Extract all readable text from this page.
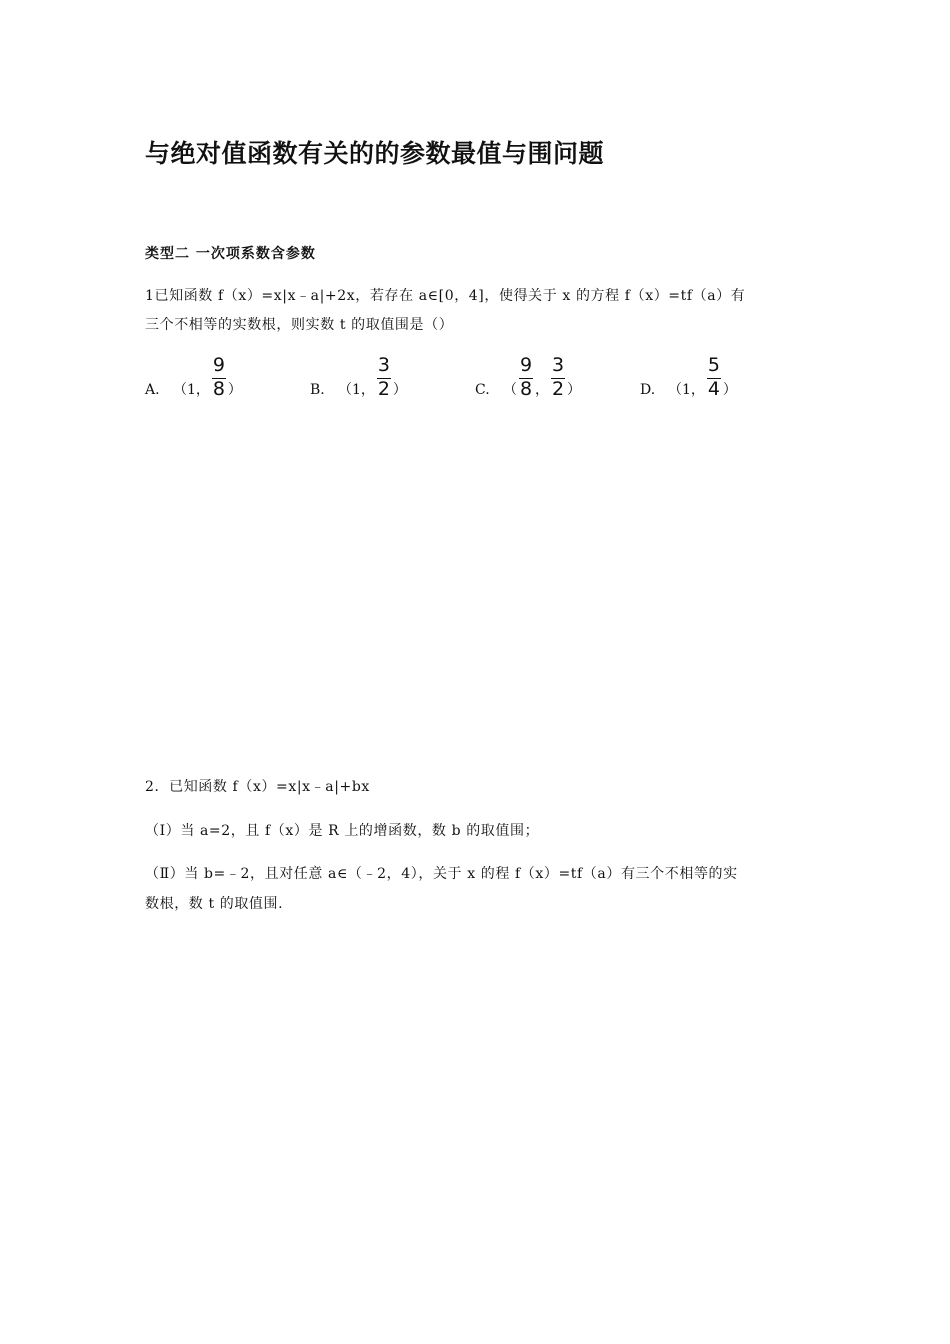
与绝对值函数有关的的参数最值与围问题
类型二 一次项系数含参数
1已知函数 f（x）=x|x﹣a|+2x，若存在 a∈[0，4]，使得关于 x 的方程 f（x）=tf（a）有
三个不相等的实数根，则实数 t 的取值围是（）
A. （1， $\frac{9}{8}$ ）	B. （1， $\frac{3}{2}$ ）	C. （ $\frac{9}{8}$ ， $\frac{3}{2}$ ）	D. （1， $\frac{5}{4}$ ）
2．已知函数 f（x）=x|x﹣a|+bx
（Ⅰ）当 a=2，且 f（x）是 R 上的增函数，数 b 的取值围；
（Ⅱ）当 b=﹣2，且对任意 a∈（﹣2，4），关于 x 的程 f（x）=tf（a）有三个不相等的实
数根，数 t 的取值围.
